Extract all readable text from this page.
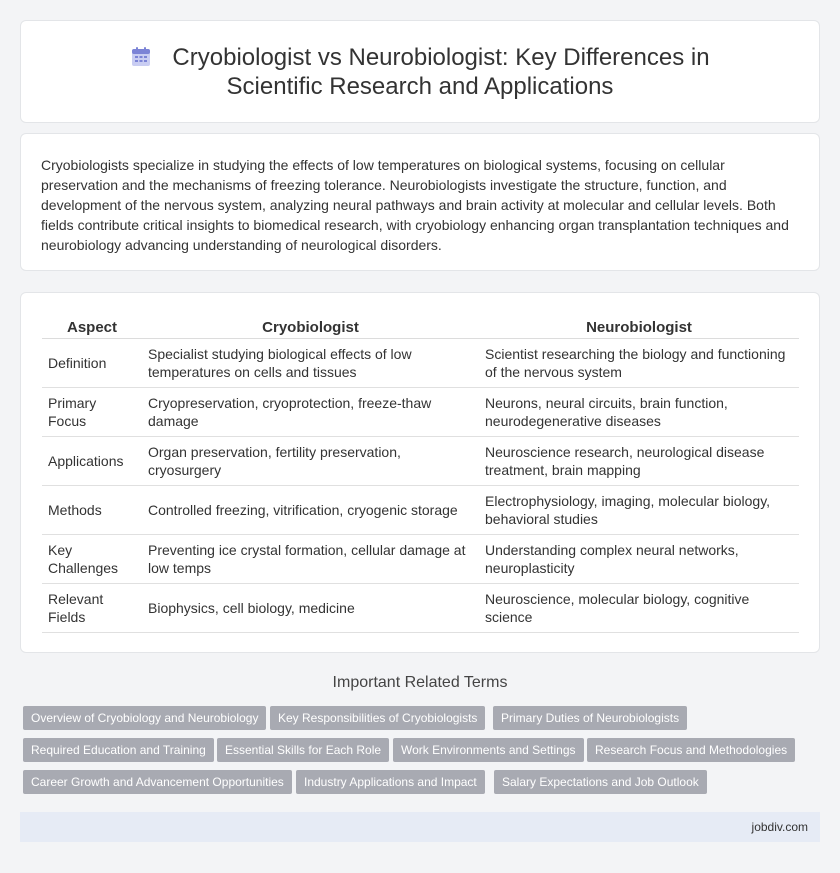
Cryobiologist vs Neurobiologist: Key Differences in Scientific Research and Applications

Cryobiologists specialize in studying the effects of low temperatures on biological systems, focusing on cellular preservation and the mechanisms of freezing tolerance. Neurobiologists investigate the structure, function, and development of the nervous system, analyzing neural pathways and brain activity at molecular and cellular levels. Both fields contribute critical insights to biomedical research, with cryobiology enhancing organ transplantation techniques and neurobiology advancing understanding of neurological disorders.

Aspect	Cryobiologist	Neurobiologist
Definition	Specialist studying biological effects of low temperatures on cells and tissues	Scientist researching the biology and functioning of the nervous system
Primary Focus	Cryopreservation, cryoprotection, freeze-thaw damage	Neurons, neural circuits, brain function, neurodegenerative diseases
Applications	Organ preservation, fertility preservation, cryosurgery	Neuroscience research, neurological disease treatment, brain mapping
Methods	Controlled freezing, vitrification, cryogenic storage	Electrophysiology, imaging, molecular biology, behavioral studies
Key Challenges	Preventing ice crystal formation, cellular damage at low temps	Understanding complex neural networks, neuroplasticity
Relevant Fields	Biophysics, cell biology, medicine	Neuroscience, molecular biology, cognitive science
Important Related Terms
Overview of Cryobiology and Neurobiology	Key Responsibilities of Cryobiologists	Primary Duties of Neurobiologists
Required Education and Training	Essential Skills for Each Role	Work Environments and Settings	Research Focus and Methodologies
Career Growth and Advancement Opportunities	Industry Applications and Impact	Salary Expectations and Job Outlook
jobdiv.com
